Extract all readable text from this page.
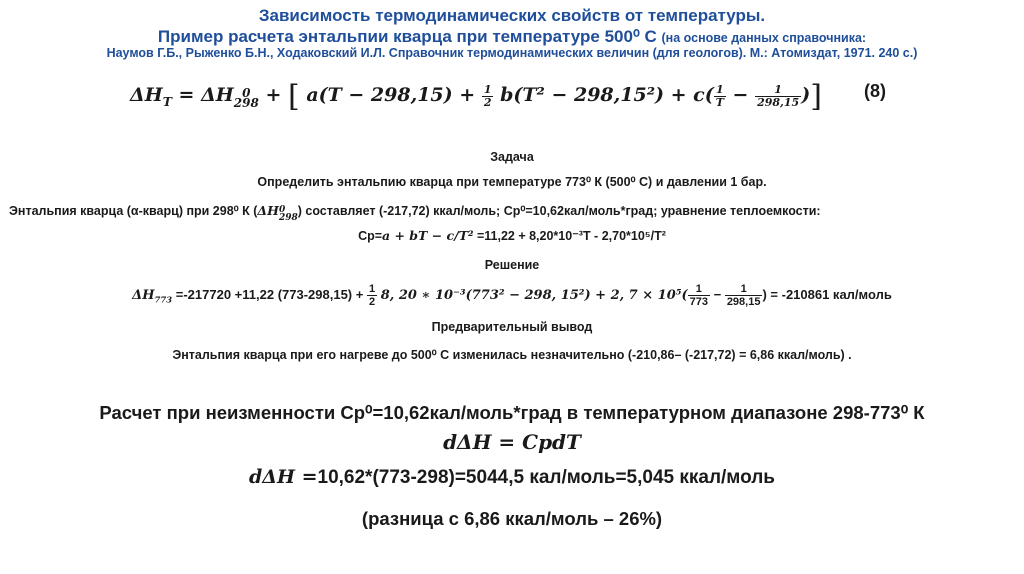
Зависимость термодинамических свойств от температуры.
Пример расчета энтальпии кварца при температуре 500⁰ С (на основе данных справочника:
Наумов Г.Б., Рыженко Б.Н., Ходаковский И.Л. Справочник термодинамических величин (для геологов). М.: Атомиздат, 1971. 240 с.)
$\Delta H_T = \Delta H$ 0
298 + [ $a(T - 298,15) + \frac{1}{2} b(T^2 - 298,15^2) + c( \frac{1}{T} - \frac{1}{298,15}$ )] (8)
Задача
Определить энтальпию кварца при температуре 773⁰ К (500⁰ С) и давлении 1 бар.
Энтальпия кварца (α-кварц) при 298⁰ К (ΔH 0
298 ) составляет (-217,72) ккал/моль; Сp⁰=10,62кал/моль*град; уравнение теплоемкости:
Сp=a + bT − c/T² =11,22 + 8,20*10⁻³T - 2,70*10⁵/T²
Решение
$\Delta H_{773} =-217720 +11,22$ $(773-298,15) + \frac{1}{2} 8$, 20 ∗ 10⁻³(773² − 298, 15²) + 2, $7 \times 10^5( \frac{1}{773} - \frac{1}{298,15}$ ) = -210861 кал/моль
Предварительный вывод
Энтальпия кварца при его нагреве до 500⁰ С изменилась незначительно (-210,86– (-217,72) = 6,86 ккал/моль) .
Расчет при неизменности Сp⁰=10,62кал/моль*град в температурном диапазоне 298-773⁰ К
dΔH = CpdT
dΔH =10,62*(773-298)=5044,5 кал/моль=5,045 ккал/моль
(разница с 6,86 ккал/моль – 26%)
